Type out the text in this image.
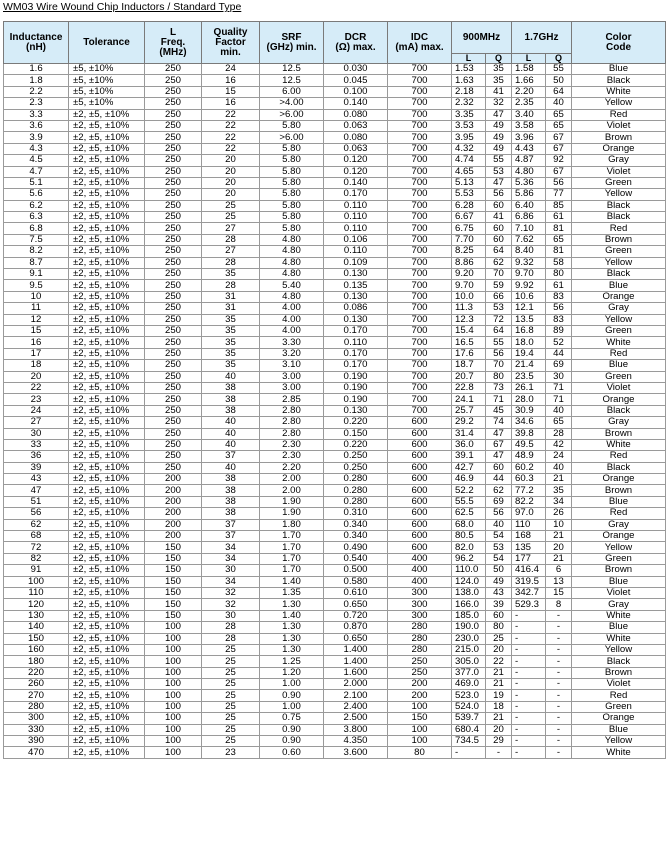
WM03 Wire Wound Chip Inductors / Standard Type
Inductance
(nH)	Tolerance	L
Freq.
(MHz)	Quality
Factor
min.	SRF
(GHz) min.	DCR
(Ω) max.	IDC
(mA) max.	900MHz		1.7GHz		Color
Code
							L	Q	L	Q	
1.6	±5, ±10%	250	24	12.5	0.030	700	1.53	35	1.58	55	Blue
1.8	±5, ±10%	250	16	12.5	0.045	700	1.63	35	1.66	50	Black
2.2	±5, ±10%	250	15	6.00	0.100	700	2.18	41	2.20	64	White
2.3	±5, ±10%	250	16	>4.00	0.140	700	2.32	32	2.35	40	Yellow
3.3	±2, ±5, ±10%	250	22	>6.00	0.080	700	3.35	47	3.40	65	Red
3.6	±2, ±5, ±10%	250	22	5.80	0.063	700	3.53	49	3.58	65	Violet
3.9	±2, ±5, ±10%	250	22	>6.00	0.080	700	3.95	49	3.96	67	Brown
4.3	±2, ±5, ±10%	250	22	5.80	0.063	700	4.32	49	4.43	67	Orange
4.5	±2, ±5, ±10%	250	20	5.80	0.120	700	4.74	55	4.87	92	Gray
4.7	±2, ±5, ±10%	250	20	5.80	0.120	700	4.65	53	4.80	67	Violet
5.1	±2, ±5, ±10%	250	20	5.80	0.140	700	5.13	47	5.36	56	Green
5.6	±2, ±5, ±10%	250	20	5.80	0.170	700	5.53	56	5.86	77	Yellow
6.2	±2, ±5, ±10%	250	25	5.80	0.110	700	6.28	60	6.40	85	Black
6.3	±2, ±5, ±10%	250	25	5.80	0.110	700	6.67	41	6.86	61	Black
6.8	±2, ±5, ±10%	250	27	5.80	0.110	700	6.75	60	7.10	81	Red
7.5	±2, ±5, ±10%	250	28	4.80	0.106	700	7.70	60	7.62	65	Brown
8.2	±2, ±5, ±10%	250	27	4.80	0.110	700	8.25	64	8.40	81	Green
8.7	±2, ±5, ±10%	250	28	4.80	0.109	700	8.86	62	9.32	58	Yellow
9.1	±2, ±5, ±10%	250	35	4.80	0.130	700	9.20	70	9.70	80	Black
9.5	±2, ±5, ±10%	250	28	5.40	0.135	700	9.70	59	9.92	61	Blue
10	±2, ±5, ±10%	250	31	4.80	0.130	700	10.0	66	10.6	83	Orange
11	±2, ±5, ±10%	250	31	4.00	0.086	700	11.3	53	12.1	56	Gray
12	±2, ±5, ±10%	250	35	4.00	0.130	700	12.3	72	13.5	83	Yellow
15	±2, ±5, ±10%	250	35	4.00	0.170	700	15.4	64	16.8	89	Green
16	±2, ±5, ±10%	250	35	3.30	0.110	700	16.5	55	18.0	52	White
17	±2, ±5, ±10%	250	35	3.20	0.170	700	17.6	56	19.4	44	Red
18	±2, ±5, ±10%	250	35	3.10	0.170	700	18.7	70	21.4	69	Blue
20	±2, ±5, ±10%	250	40	3.00	0.190	700	20.7	80	23.5	30	Green
22	±2, ±5, ±10%	250	38	3.00	0.190	700	22.8	73	26.1	71	Violet
23	±2, ±5, ±10%	250	38	2.85	0.190	700	24.1	71	28.0	71	Orange
24	±2, ±5, ±10%	250	38	2.80	0.130	700	25.7	45	30.9	40	Black
27	±2, ±5, ±10%	250	40	2.80	0.220	600	29.2	74	34.6	65	Gray
30	±2, ±5, ±10%	250	40	2.80	0.150	600	31.4	47	39.8	28	Brown
33	±2, ±5, ±10%	250	40	2.30	0.220	600	36.0	67	49.5	42	White
36	±2, ±5, ±10%	250	37	2.30	0.250	600	39.1	47	48.9	24	Red
39	±2, ±5, ±10%	250	40	2.20	0.250	600	42.7	60	60.2	40	Black
43	±2, ±5, ±10%	200	38	2.00	0.280	600	46.9	44	60.3	21	Orange
47	±2, ±5, ±10%	200	38	2.00	0.280	600	52.2	62	77.2	35	Brown
51	±2, ±5, ±10%	200	38	1.90	0.280	600	55.5	69	82.2	34	Blue
56	±2, ±5, ±10%	200	38	1.90	0.310	600	62.5	56	97.0	26	Red
62	±2, ±5, ±10%	200	37	1.80	0.340	600	68.0	40	110	10	Gray
68	±2, ±5, ±10%	200	37	1.70	0.340	600	80.5	54	168	21	Orange
72	±2, ±5, ±10%	150	34	1.70	0.490	600	82.0	53	135	20	Yellow
82	±2, ±5, ±10%	150	34	1.70	0.540	400	96.2	54	177	21	Green
91	±2, ±5, ±10%	150	30	1.70	0.500	400	110.0	50	416.4	6	Brown
100	±2, ±5, ±10%	150	34	1.40	0.580	400	124.0	49	319.5	13	Blue
110	±2, ±5, ±10%	150	32	1.35	0.610	300	138.0	43	342.7	15	Violet
120	±2, ±5, ±10%	150	32	1.30	0.650	300	166.0	39	529.3	8	Gray
130	±2, ±5, ±10%	150	30	1.40	0.720	300	185.0	60	-	-	White
140	±2, ±5, ±10%	100	28	1.30	0.870	280	190.0	80	-	-	Blue
150	±2, ±5, ±10%	100	28	1.30	0.650	280	230.0	25	-	-	White
160	±2, ±5, ±10%	100	25	1.30	1.400	280	215.0	20	-	-	Yellow
180	±2, ±5, ±10%	100	25	1.25	1.400	250	305.0	22	-	-	Black
220	±2, ±5, ±10%	100	25	1.20	1.600	250	377.0	21	-	-	Brown
260	±2, ±5, ±10%	100	25	1.00	2.000	200	469.0	21	-	-	Violet
270	±2, ±5, ±10%	100	25	0.90	2.100	200	523.0	19	-	-	Red
280	±2, ±5, ±10%	100	25	1.00	2.400	100	524.0	18	-	-	Green
300	±2, ±5, ±10%	100	25	0.75	2.500	150	539.7	21	-	-	Orange
330	±2, ±5, ±10%	100	25	0.90	3.800	100	680.4	20	-	-	Blue
390	±2, ±5, ±10%	100	25	0.90	4.350	100	734.5	29	-	-	Yellow
470	±2, ±5, ±10%	100	23	0.60	3.600	80	-	-	-	-	White
